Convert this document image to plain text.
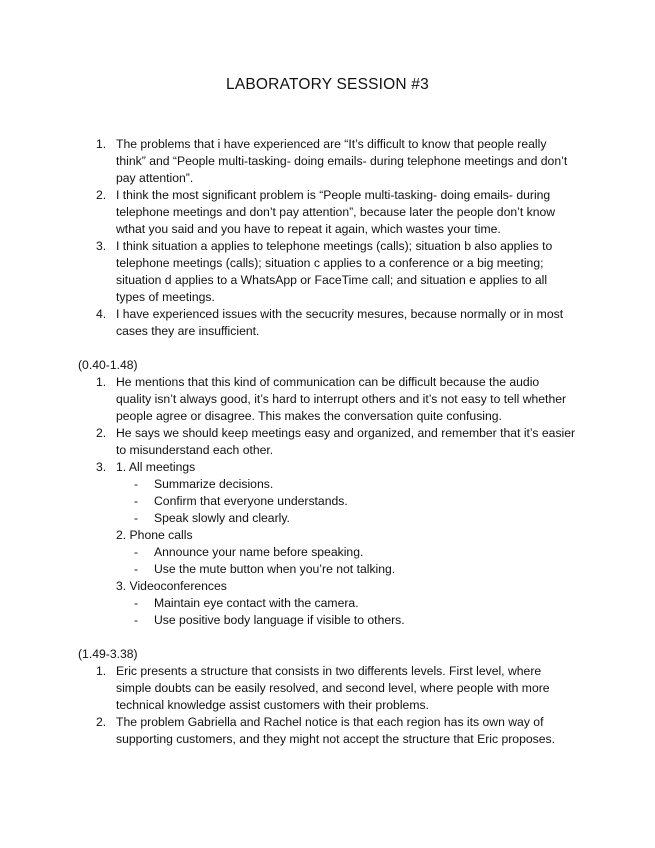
LABORATORY SESSION #3
1. The problems that i have experienced are “It’s difficult to know that people really think” and “People multi-tasking- doing emails- during telephone meetings and don’t pay attention”.
2. I think the most significant problem is “People multi-tasking- doing emails- during telephone meetings and don’t pay attention”, because later the people don’t know wthat you said and you have to repeat it again, which wastes your time.
3. I think situation a applies to telephone meetings (calls); situation b also applies to telephone meetings (calls); situation c applies to a conference or a big meeting; situation d applies to a WhatsApp or FaceTime call; and situation e applies to all types of meetings.
4. I have experienced issues with the secucrity mesures, because normally or in most cases they are insufficient.
(0.40-1.48)
1. He mentions that this kind of communication can be difficult because the audio quality isn’t always good, it’s hard to interrupt others and it’s not easy to tell whether people agree or disagree. This makes the conversation quite confusing.
2. He says we should keep meetings easy and organized, and remember that it’s easier to misunderstand each other.
3. 1. All meetings
- Summarize decisions.
- Confirm that everyone understands.
- Speak slowly and clearly.
2. Phone calls
- Announce your name before speaking.
- Use the mute button when you’re not talking.
3. Videoconferences
- Maintain eye contact with the camera.
- Use positive body language if visible to others.
(1.49-3.38)
1. Eric presents a structure that consists in two differents levels. First level, where simple doubts can be easily resolved, and second level, where people with more technical knowledge assist customers with their problems.
2. The problem Gabriella and Rachel notice is that each region has its own way of supporting customers, and they might not accept the structure that Eric proposes.
